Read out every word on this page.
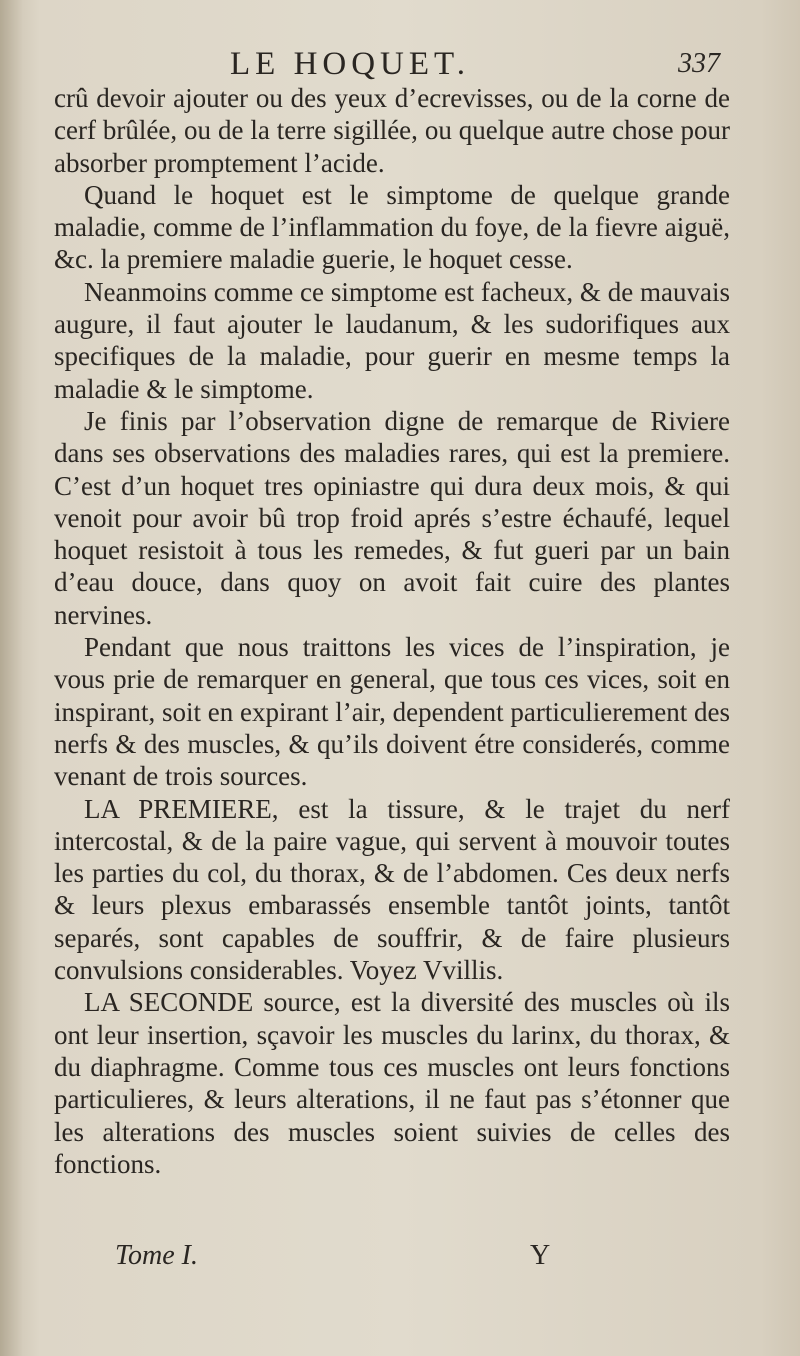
LE HOQUET.	337

crû devoir ajouter ou des yeux d’ecrevisses, ou de la corne de cerf brûlée, ou de la terre sigillée, ou quelque autre chose pour absorber promptement l’acide.

Quand le hoquet est le simptome de quelque grande maladie, comme de l’inflammation du foye, de la fievre aiguë, &c. la premiere maladie guerie, le hoquet cesse.

Neanmoins comme ce simptome est facheux, & de mauvais augure, il faut ajouter le laudanum, & les sudorifiques aux specifiques de la maladie, pour guerir en mesme temps la maladie & le simptome.

Je finis par l’observation digne de remarque de Riviere dans ses observations des maladies rares, qui est la premiere. C’est d’un hoquet tres opiniastre qui dura deux mois, & qui venoit pour avoir bû trop froid aprés s’estre échaufé, lequel hoquet resistoit à tous les remedes, & fut gueri par un bain d’eau douce, dans quoy on avoit fait cuire des plantes nervines.

Pendant que nous traittons les vices de l’inspiration, je vous prie de remarquer en general, que tous ces vices, soit en inspirant, soit en expirant l’air, dependent particulierement des nerfs & des muscles, & qu’ils doivent étre considerés, comme venant de trois sources.

LA PREMIERE, est la tissure, & le trajet du nerf intercostal, & de la paire vague, qui servent à mouvoir toutes les parties du col, du thorax, & de l’abdomen. Ces deux nerfs & leurs plexus embarassés ensemble tantôt joints, tantôt separés, sont capables de souffrir, & de faire plusieurs convulsions considerables. Voyez Vvillis.

LA SECONDE source, est la diversité des muscles où ils ont leur insertion, sçavoir les muscles du larinx, du thorax, & du diaphragme. Comme tous ces muscles ont leurs fonctions particulieres, & leurs alterations, il ne faut pas s’étonner que les alterations des muscles soient suivies de celles des fonctions.

Tome I.	Y
